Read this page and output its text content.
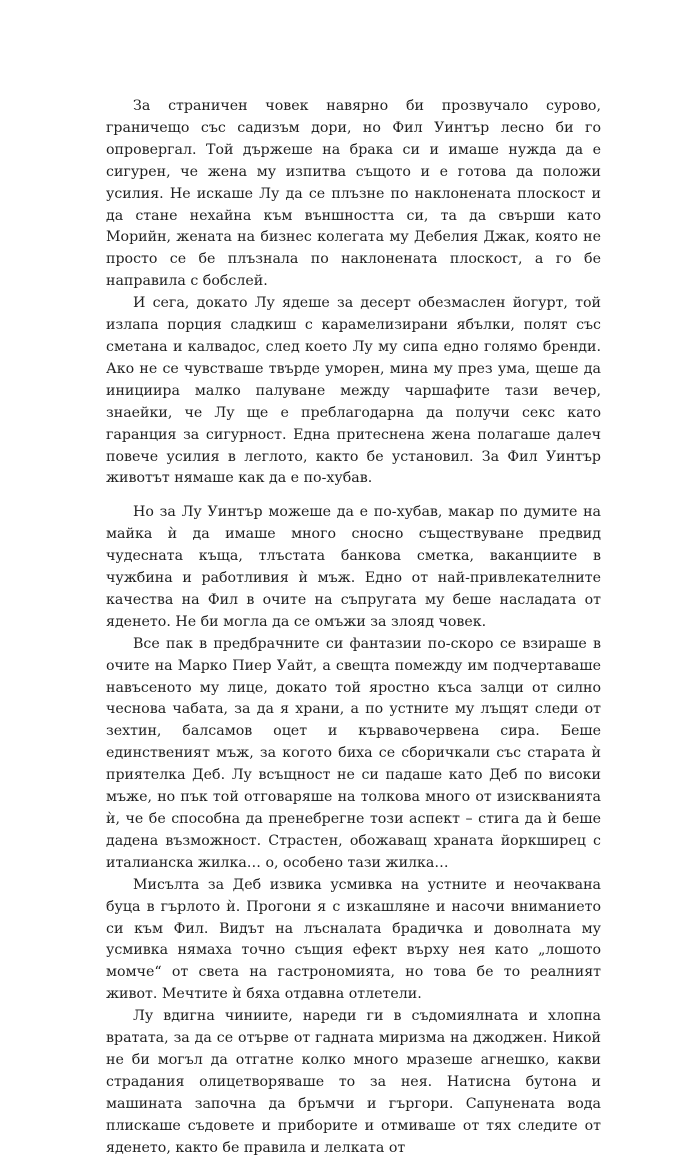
За страничен човек навярно би прозвучало сурово, граничещо със садизъм дори, но Фил Уинтър лесно би го опровергал. Той държеше на брака си и имаше нужда да е сигурен, че жена му изпитва същото и е готова да положи усилия. Не искаше Лу да се плъзне по наклонената плоскост и да стане нехайна към външността си, та да свърши като Морийн, жената на бизнес колегата му Дебелия Джак, която не просто се бе плъзнала по наклонената плоскост, а го бе направила с бобслей.

И сега, докато Лу ядеше за десерт обезмаслен йогурт, той излапа порция сладкиш с карамелизирани ябълки, полят със сметана и калвадос, след което Лу му сипа едно голямо бренди. Ако не се чувстваше твърде уморен, мина му през ума, щеше да инициира малко палуване между чаршафите тази вечер, знаейки, че Лу ще е преблагодарна да получи секс като гаранция за сигурност. Една притеснена жена полагаше далеч повече усилия в леглото, както бе установил. За Фил Уинтър животът нямаше как да е по-хубав.

Но за Лу Уинтър можеше да е по-хубав, макар по думите на майка ѝ да имаше много сносно съществуване предвид чудесната къща, тлъстата банкова сметка, ваканциите в чужбина и работливия ѝ мъж. Едно от най-привлекателните качества на Фил в очите на съпругата му беше насладата от яденето. Не би могла да се омъжи за злояд човек.

Все пак в предбрачните си фантазии по-скоро се взираше в очите на Марко Пиер Уайт, а свещта помежду им подчертаваше навъсеното му лице, докато той яростно къса залци от силно чеснова чабата, за да я храни, а по устните му лъщят следи от зехтин, балсамов оцет и кървавочервена сира. Беше единственият мъж, за когото биха се сборичкали със старата ѝ приятелка Деб. Лу всъщност не си падаше като Деб по високи мъже, но пък той отговаряше на толкова много от изискванията ѝ, че бе способна да пренебрегне този аспект – стига да ѝ беше дадена възможност. Страстен, обожаващ храната йоркширец с италианска жилка… о, особено тази жилка…

Мисълта за Деб извика усмивка на устните и неочаквана буца в гърлото ѝ. Прогони я с изкашляне и насочи вниманието си към Фил. Видът на лъсналата брадичка и доволната му усмивка нямаха точно същия ефект върху нея като „лошото момче“ от света на гастрономията, но това бе то реалният живот. Мечтите ѝ бяха отдавна отлетели.

Лу вдигна чиниите, нареди ги в съдомиялната и хлопна вратата, за да се отърве от гадната миризма на джоджен. Никой не би могъл да отгатне колко много мразеше агнешко, какви страдания олицетворяваше то за нея. Натисна бутона и машината започна да бръмчи и гъргори. Сапунената вода плискаше съдовете и приборите и отмиваше от тях следите от яденето, както бе правила и лелката от
